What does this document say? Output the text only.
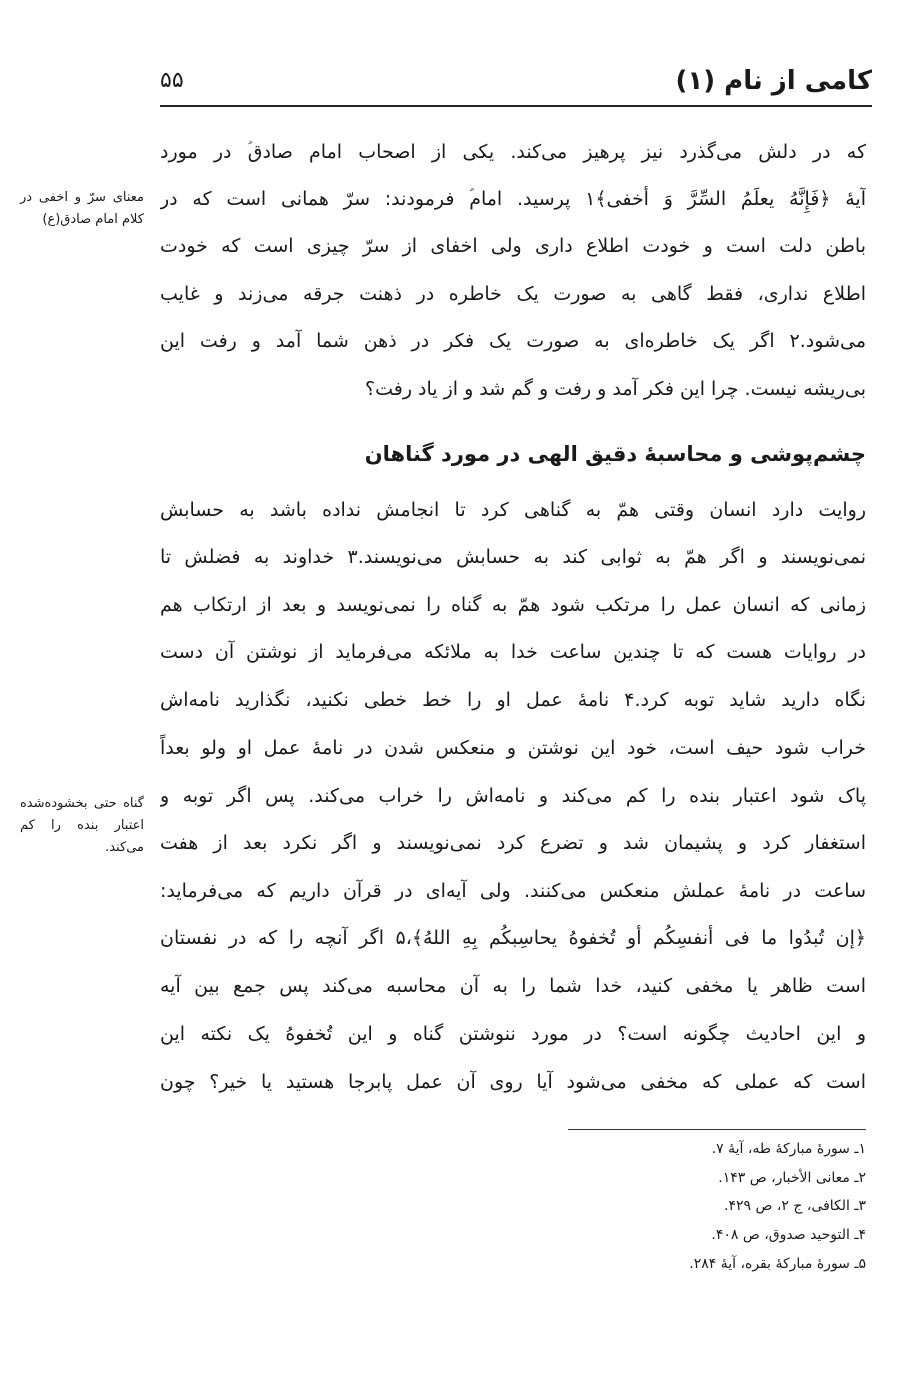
کامی از نام (۱)
۵۵
معنای سرّ و اخفی در کلام امام صادق(ع)
گناه حتی بخشوده‌شده اعتبار بنده را کم می‌کند.
که در دلش می‌گذرد نیز پرهیز می‌کند. یکی از اصحاب امام صادق‌ؑ در مورد
آیهٔ ﴿فَإِنَّهُ یعلَمُ السِّرَّ وَ أخفی﴾۱ پرسید. امام‌ؑ فرمودند: سرّ همانی است که در
باطن دلت است و خودت اطلاع داری ولی اخفای از سرّ چیزی است که خودت
اطلاع نداری، فقط گاهی به صورت یک خاطره در ذهنت جرقه می‌زند و غایب
می‌شود.۲ اگر یک خاطره‌ای به صورت یک فکر در ذهن شما آمد و رفت این
بی‌ریشه نیست. چرا این فکر آمد و رفت و گم شد و از یاد رفت؟
چشم‌پوشی و محاسبهٔ دقیق الهی در مورد گناهان
روایت دارد انسان وقتی همّ به گناهی کرد تا انجامش نداده باشد به حسابش
نمی‌نویسند و اگر همّ به ثوابی کند به حسابش می‌نویسند.۳ خداوند به فضلش تا
زمانی که انسان عمل را مرتکب شود همّ به گناه را نمی‌نویسد و بعد از ارتکاب هم
در روایات هست که تا چندین ساعت خدا به ملائکه می‌فرماید از نوشتن آن دست
نگاه دارید شاید توبه کرد.۴ نامهٔ عمل او را خط خطی نکنید، نگذارید نامه‌اش
خراب شود حیف است، خود این نوشتن و منعکس شدن در نامهٔ عمل او ولو بعداً
پاک شود اعتبار بنده را کم می‌کند و نامه‌اش را خراب می‌کند. پس اگر توبه و
استغفار کرد و پشیمان شد و تضرع کرد نمی‌نویسند و اگر نکرد بعد از هفت
ساعت در نامهٔ عملش منعکس می‌کنند. ولی آیه‌ای در قرآن داریم که می‌فرماید:
﴿إن تُبدُوا ما فی أنفسِکُم أو تُخفوهُ یحاسِبکُم بِهِ اللهُ﴾،۵ اگر آنچه را که در نفستان
است ظاهر یا مخفی کنید، خدا شما را به آن محاسبه می‌کند پس جمع بین آیه
و این احادیث چگونه است؟ در مورد ننوشتن گناه و این تُخفوهُ یک نکته این
است که عملی که مخفی می‌شود آیا روی آن عمل پابرجا هستید یا خیر؟ چون
۱ـ سورهٔ مبارکهٔ طه، آیهٔ ۷.
۲ـ معانی الأخبار، ص ۱۴۳.
۳ـ الکافی، ج ۲، ص ۴۲۹.
۴ـ التوحید صدوق، ص ۴۰۸.
۵ـ سورهٔ مبارکهٔ بقره، آیهٔ ۲۸۴.
